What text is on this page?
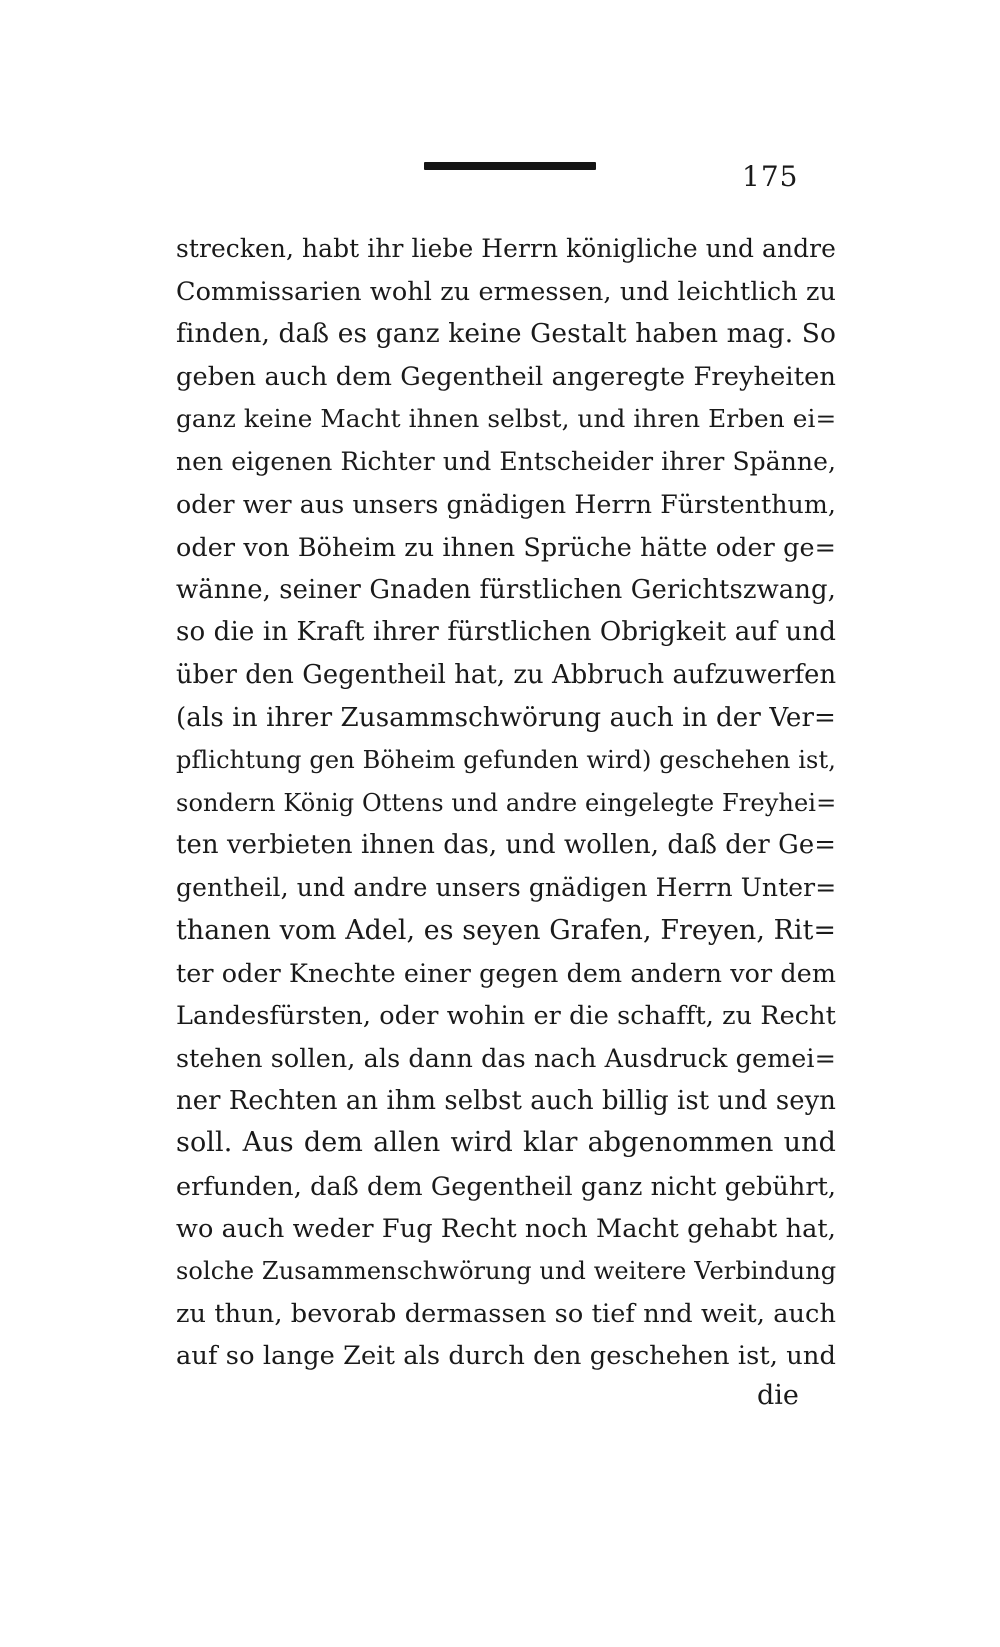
175
strecken, habt ihr liebe Herrn königliche und andre
Commissarien wohl zu ermessen, und leichtlich zu
finden, daß es ganz keine Gestalt haben mag. So
geben auch dem Gegentheil angeregte Freyheiten
ganz keine Macht ihnen selbst, und ihren Erben ei=
nen eigenen Richter und Entscheider ihrer Spänne,
oder wer aus unsers gnädigen Herrn Fürstenthum,
oder von Böheim zu ihnen Sprüche hätte oder ge=
wänne, seiner Gnaden fürstlichen Gerichtszwang,
so die in Kraft ihrer fürstlichen Obrigkeit auf und
über den Gegentheil hat, zu Abbruch aufzuwerfen
(als in ihrer Zusammschwörung auch in der Ver=
pflichtung gen Böheim gefunden wird) geschehen ist,
sondern König Ottens und andre eingelegte Freyhei=
ten verbieten ihnen das, und wollen, daß der Ge=
gentheil, und andre unsers gnädigen Herrn Unter=
thanen vom Adel, es seyen Grafen, Freyen, Rit=
ter oder Knechte einer gegen dem andern vor dem
Landesfürsten, oder wohin er die schafft, zu Recht
stehen sollen, als dann das nach Ausdruck gemei=
ner Rechten an ihm selbst auch billig ist und seyn
soll. Aus dem allen wird klar abgenommen und
erfunden, daß dem Gegentheil ganz nicht gebührt,
wo auch weder Fug Recht noch Macht gehabt hat,
solche Zusammenschwörung und weitere Verbindung
zu thun, bevorab dermassen so tief nnd weit, auch
auf so lange Zeit als durch den geschehen ist, und
die
